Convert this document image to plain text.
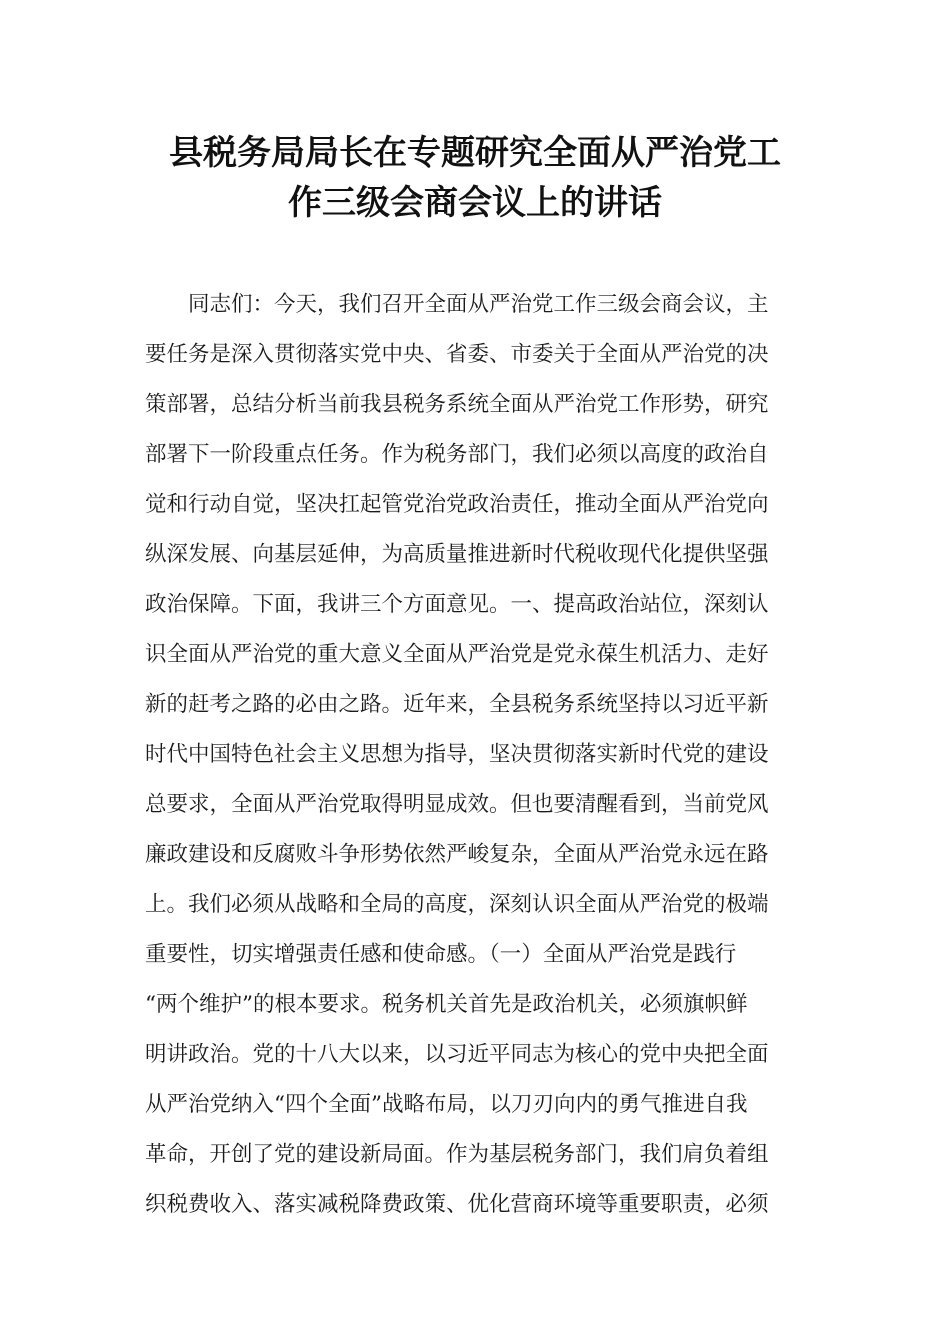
县税务局局长在专题研究全面从严治党工
作三级会商会议上的讲话
同志们：今天，我们召开全面从严治党工作三级会商会议，主
要任务是深入贯彻落实党中央、省委、市委关于全面从严治党的决
策部署，总结分析当前我县税务系统全面从严治党工作形势，研究
部署下一阶段重点任务。作为税务部门，我们必须以高度的政治自
觉和行动自觉，坚决扛起管党治党政治责任，推动全面从严治党向
纵深发展、向基层延伸，为高质量推进新时代税收现代化提供坚强
政治保障。下面，我讲三个方面意见。一、提高政治站位，深刻认
识全面从严治党的重大意义全面从严治党是党永葆生机活力、走好
新的赶考之路的必由之路。近年来，全县税务系统坚持以习近平新
时代中国特色社会主义思想为指导，坚决贯彻落实新时代党的建设
总要求，全面从严治党取得明显成效。但也要清醒看到，当前党风
廉政建设和反腐败斗争形势依然严峻复杂，全面从严治党永远在路
上。我们必须从战略和全局的高度，深刻认识全面从严治党的极端
重要性，切实增强责任感和使命感。（一）全面从严治党是践行
“两个维护”的根本要求。税务机关首先是政治机关，必须旗帜鲜
明讲政治。党的十八大以来，以习近平同志为核心的党中央把全面
从严治党纳入“四个全面”战略布局，以刀刃向内的勇气推进自我
革命，开创了党的建设新局面。作为基层税务部门，我们肩负着组
织税费收入、落实减税降费政策、优化营商环境等重要职责，必须
